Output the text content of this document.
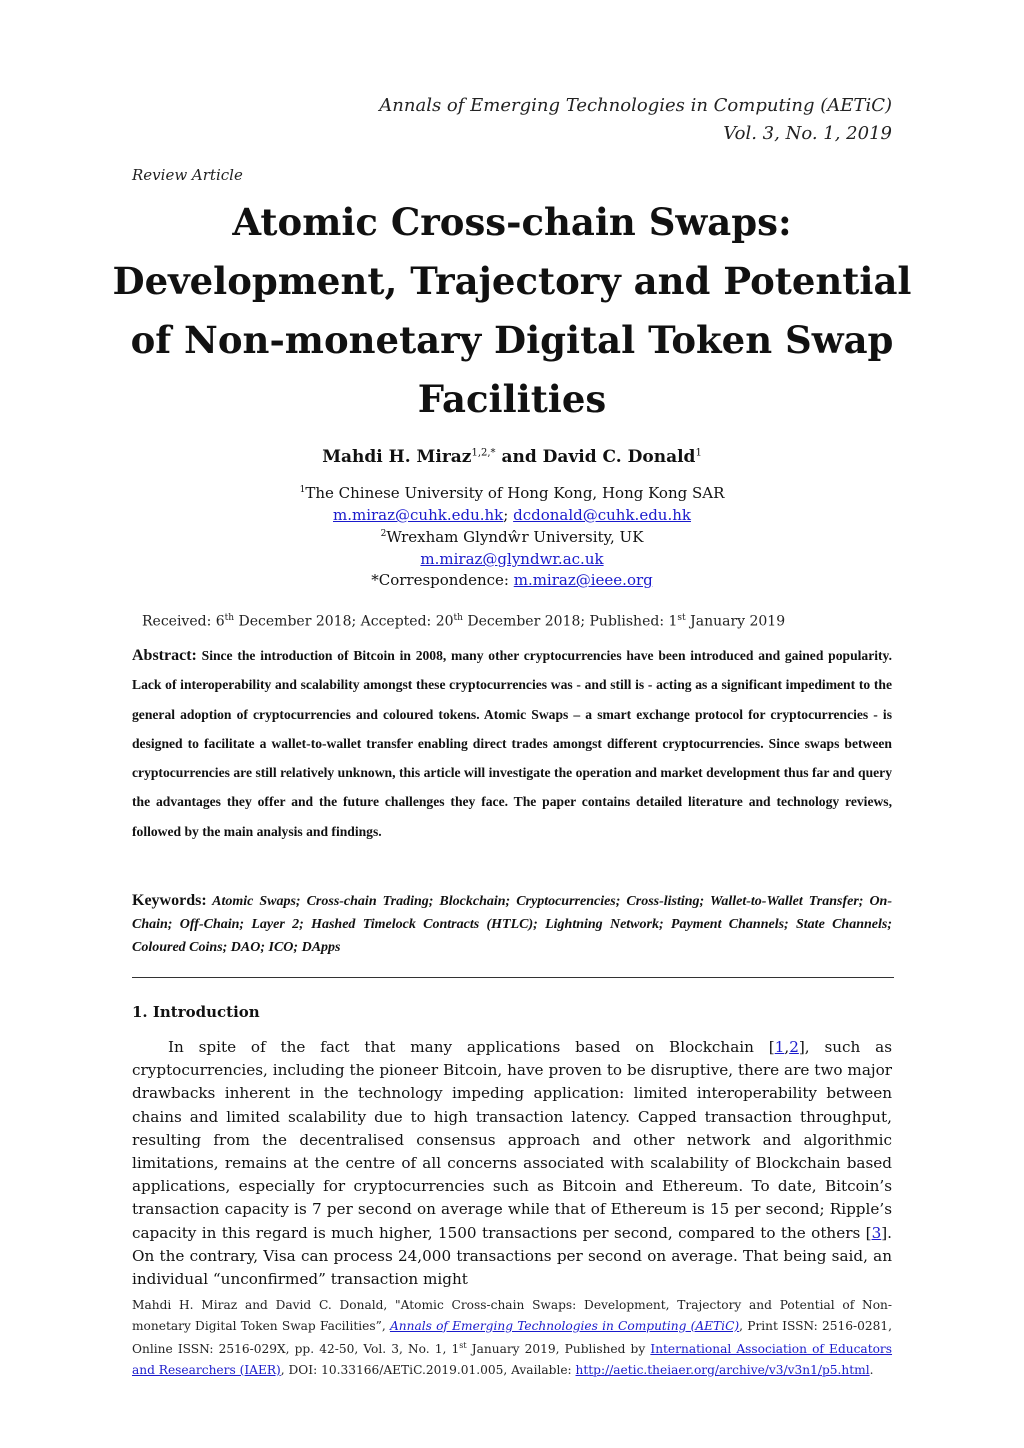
Annals of Emerging Technologies in Computing (AETiC)
Vol. 3, No. 1, 2019
Review Article
Atomic Cross-chain Swaps:
Development, Trajectory and Potential
of Non-monetary Digital Token Swap
Facilities
Mahdi H. Miraz$^{1,2,*}$ and David C. Donald$^1$
$^1$The Chinese University of Hong Kong, Hong Kong SAR
m.miraz@cuhk.edu.hk; dcdonald@cuhk.edu.hk
$^2$Wrexham Glyndŵr University, UK
m.miraz@glyndwr.ac.uk
*Correspondence: m.miraz@ieee.org
Received: 6th December 2018; Accepted: 20th December 2018; Published: 1st January 2019
Abstract: Since the introduction of Bitcoin in 2008, many other cryptocurrencies have been introduced and gained popularity. Lack of interoperability and scalability amongst these cryptocurrencies was - and still is - acting as a significant impediment to the general adoption of cryptocurrencies and coloured tokens. Atomic Swaps – a smart exchange protocol for cryptocurrencies - is designed to facilitate a wallet-to-wallet transfer enabling direct trades amongst different cryptocurrencies. Since swaps between cryptocurrencies are still relatively unknown, this article will investigate the operation and market development thus far and query the advantages they offer and the future challenges they face. The paper contains detailed literature and technology reviews, followed by the main analysis and findings.
Keywords: Atomic Swaps; Cross-chain Trading; Blockchain; Cryptocurrencies; Cross-listing; Wallet-to-Wallet Transfer; On-Chain; Off-Chain; Layer 2; Hashed Timelock Contracts (HTLC); Lightning Network; Payment Channels; State Channels; Coloured Coins; DAO; ICO; DApps
1. Introduction
In spite of the fact that many applications based on Blockchain [1,2], such as cryptocurrencies, including the pioneer Bitcoin, have proven to be disruptive, there are two major drawbacks inherent in the technology impeding application: limited interoperability between chains and limited scalability due to high transaction latency. Capped transaction throughput, resulting from the decentralised consensus approach and other network and algorithmic limitations, remains at the centre of all concerns associated with scalability of Blockchain based applications, especially for cryptocurrencies such as Bitcoin and Ethereum. To date, Bitcoin’s transaction capacity is 7 per second on average while that of Ethereum is 15 per second; Ripple’s capacity in this regard is much higher, 1500 transactions per second, compared to the others [3]. On the contrary, Visa can process 24,000 transactions per second on average. That being said, an individual “unconfirmed” transaction might
Mahdi H. Miraz and David C. Donald, "Atomic Cross-chain Swaps: Development, Trajectory and Potential of Non-monetary Digital Token Swap Facilities”, Annals of Emerging Technologies in Computing (AETiC), Print ISSN: 2516-0281, Online ISSN: 2516-029X, pp. 42-50, Vol. 3, No. 1, 1st January 2019, Published by International Association of Educators and Researchers (IAER), DOI: 10.33166/AETiC.2019.01.005, Available: http://aetic.theiaer.org/archive/v3/v3n1/p5.html.
